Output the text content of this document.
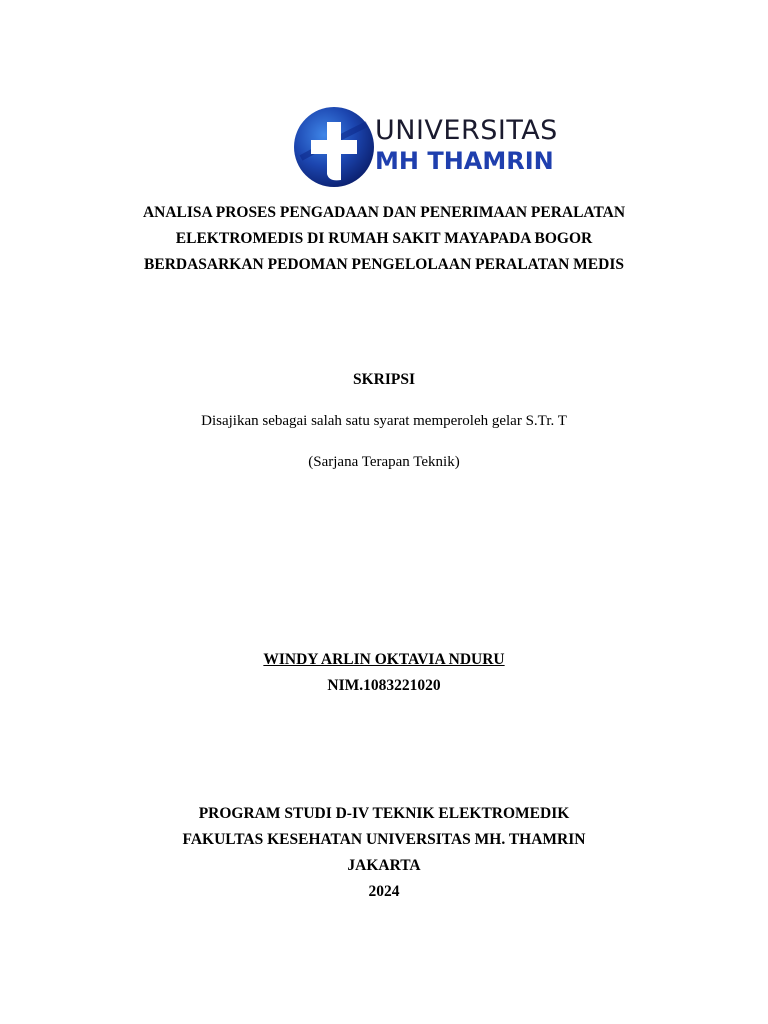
UNIVERSITAS
MH THAMRIN
ANALISA PROSES PENGADAAN DAN PENERIMAAN PERALATAN
ELEKTROMEDIS DI RUMAH SAKIT MAYAPADA BOGOR
BERDASARKAN PEDOMAN PENGELOLAAN PERALATAN MEDIS
SKRIPSI
Disajikan sebagai salah satu syarat memperoleh gelar S.Tr. T
(Sarjana Terapan Teknik)
WINDY ARLIN OKTAVIA NDURU
NIM.1083221020
PROGRAM STUDI D-IV TEKNIK ELEKTROMEDIK
FAKULTAS KESEHATAN UNIVERSITAS MH. THAMRIN
JAKARTA
2024
